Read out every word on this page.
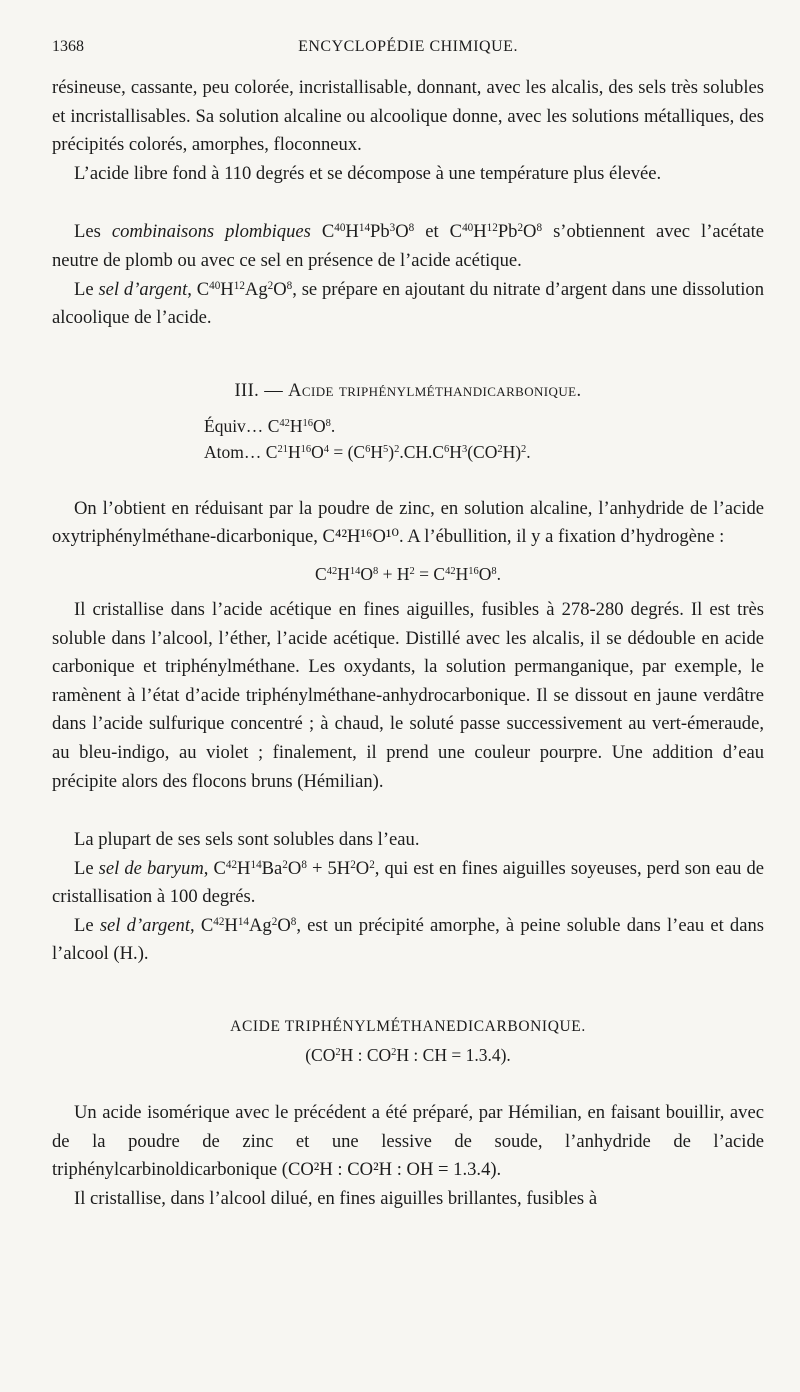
1368	ENCYCLOPÉDIE CHIMIQUE.

résineuse, cassante, peu colorée, incristallisable, donnant, avec les alcalis, des sels très solubles et incristallisables. Sa solution alcaline ou alcoolique donne, avec les solutions métalliques, des précipités colorés, amorphes, floconneux.

L’acide libre fond à 110 degrés et se décompose à une température plus élevée.

Les combinaisons plombiques $C^{40}H^{14}Pb^3O^8$ et $C^{40}H^{12}Pb^2O^8$ s’obtiennent avec l’acétate neutre de plomb ou avec ce sel en présence de l’acide acétique.

Le sel d’argent, $C^{40}H^{12}Ag^2O^8$, se prépare en ajoutant du nitrate d’argent dans une dissolution alcoolique de l’acide.

III. — Acide triphénylméthandicarbonique.
Équiv… $C^{42}H^{16}O^8$.
Atom… $C^{21}H^{16}O^4 = (C^6H^5)^2.CH.C^6H^3(CO^2H)^2$.

On l’obtient en réduisant par la poudre de zinc, en solution alcaline, l’anhydride de l’acide oxytriphénylméthane-dicarbonique, C⁴²H¹⁶O¹⁰. A l’ébullition, il y a fixation d’hydrogène :

$C^{42}H^{14}O^8 + H^2 = C^{42}H^{16}O^8$.

Il cristallise dans l’acide acétique en fines aiguilles, fusibles à 278-280 degrés. Il est très soluble dans l’alcool, l’éther, l’acide acétique. Distillé avec les alcalis, il se dédouble en acide carbonique et triphénylméthane. Les oxydants, la solution permanganique, par exemple, le ramènent à l’état d’acide triphénylméthane-anhydrocarbonique. Il se dissout en jaune verdâtre dans l’acide sulfurique concentré ; à chaud, le soluté passe successivement au vert-émeraude, au bleu-indigo, au violet ; finalement, il prend une couleur pourpre. Une addition d’eau précipite alors des flocons bruns (Hémilian).

La plupart de ses sels sont solubles dans l’eau.

Le sel de baryum, $C^{42}H^{14}Ba^2O^8 + 5H^2O^2$, qui est en fines aiguilles soyeuses, perd son eau de cristallisation à 100 degrés.

Le sel d’argent, $C^{42}H^{14}Ag^2O^8$, est un précipité amorphe, à peine soluble dans l’eau et dans l’alcool (H.).

ACIDE TRIPHÉNYLMÉTHANEDICARBONIQUE.
($CO^2H$ : $CO^2H$ : CH = 1.3.4).

Un acide isomérique avec le précédent a été préparé, par Hémilian, en faisant bouillir, avec de la poudre de zinc et une lessive de soude, l’anhydride de l’acide triphénylcarbinoldicarbonique (CO²H : CO²H : OH = 1.3.4).

Il cristallise, dans l’alcool dilué, en fines aiguilles brillantes, fusibles à
